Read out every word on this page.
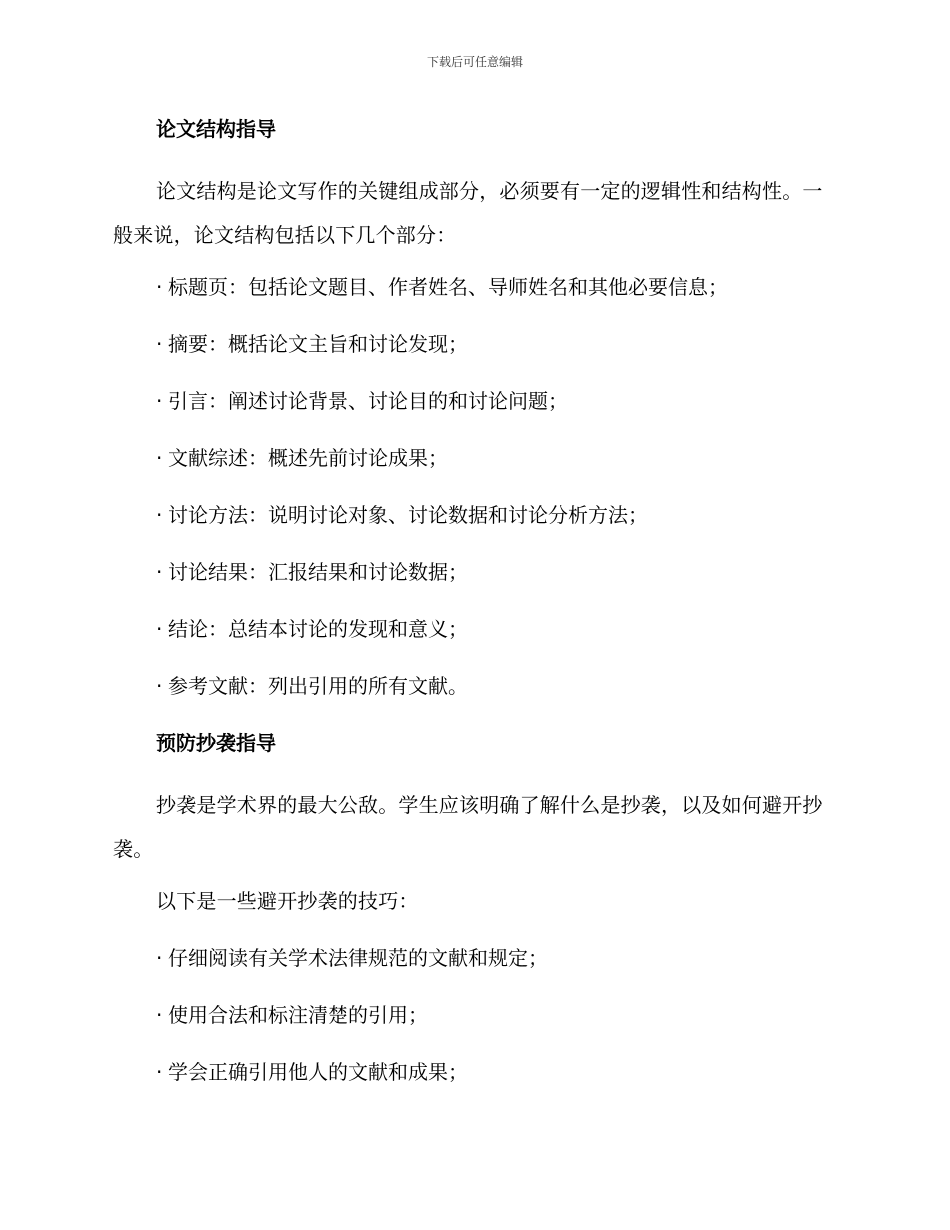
下载后可任意编辑
论文结构指导
论文结构是论文写作的关键组成部分，必须要有一定的逻辑性和结构性。一般来说，论文结构包括以下几个部分：
· 标题页：包括论文题目、作者姓名、导师姓名和其他必要信息；
· 摘要：概括论文主旨和讨论发现；
· 引言：阐述讨论背景、讨论目的和讨论问题；
· 文献综述：概述先前讨论成果；
· 讨论方法：说明讨论对象、讨论数据和讨论分析方法；
· 讨论结果：汇报结果和讨论数据；
· 结论：总结本讨论的发现和意义；
· 参考文献：列出引用的所有文献。
预防抄袭指导
抄袭是学术界的最大公敌。学生应该明确了解什么是抄袭，以及如何避开抄袭。
以下是一些避开抄袭的技巧：
· 仔细阅读有关学术法律规范的文献和规定；
· 使用合法和标注清楚的引用；
· 学会正确引用他人的文献和成果；
